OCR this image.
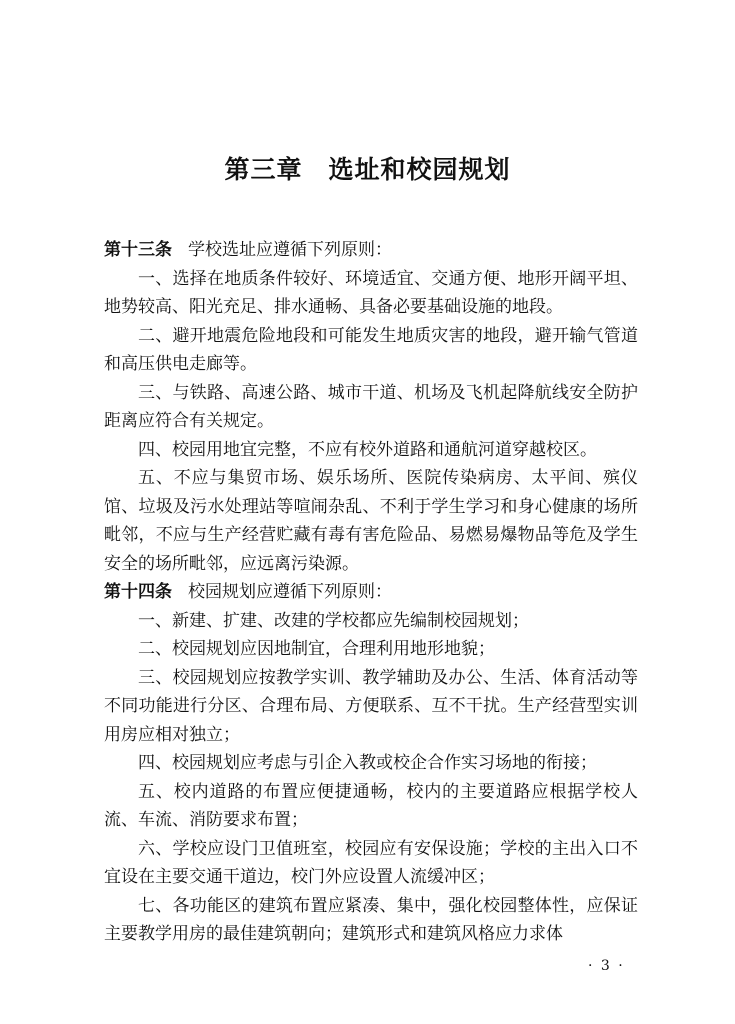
第三章　选址和校园规划

第十三条 学校选址应遵循下列原则：

一、选择在地质条件较好、环境适宜、交通方便、地形开阔平坦、地势较高、阳光充足、排水通畅、具备必要基础设施的地段。

二、避开地震危险地段和可能发生地质灾害的地段，避开输气管道和高压供电走廊等。

三、与铁路、高速公路、城市干道、机场及飞机起降航线安全防护距离应符合有关规定。

四、校园用地宜完整，不应有校外道路和通航河道穿越校区。

五、不应与集贸市场、娱乐场所、医院传染病房、太平间、殡仪馆、垃圾及污水处理站等喧闹杂乱、不利于学生学习和身心健康的场所毗邻，不应与生产经营贮藏有毒有害危险品、易燃易爆物品等危及学生安全的场所毗邻，应远离污染源。

第十四条 校园规划应遵循下列原则：

一、新建、扩建、改建的学校都应先编制校园规划；

二、校园规划应因地制宜，合理利用地形地貌；

三、校园规划应按教学实训、教学辅助及办公、生活、体育活动等不同功能进行分区、合理布局、方便联系、互不干扰。生产经营型实训用房应相对独立；

四、校园规划应考虑与引企入教或校企合作实习场地的衔接；

五、校内道路的布置应便捷通畅，校内的主要道路应根据学校人流、车流、消防要求布置；

六、学校应设门卫值班室，校园应有安保设施；学校的主出入口不宜设在主要交通干道边，校门外应设置人流缓冲区；

七、各功能区的建筑布置应紧凑、集中，强化校园整体性，应保证主要教学用房的最佳建筑朝向；建筑形式和建筑风格应力求体

· 3 ·
